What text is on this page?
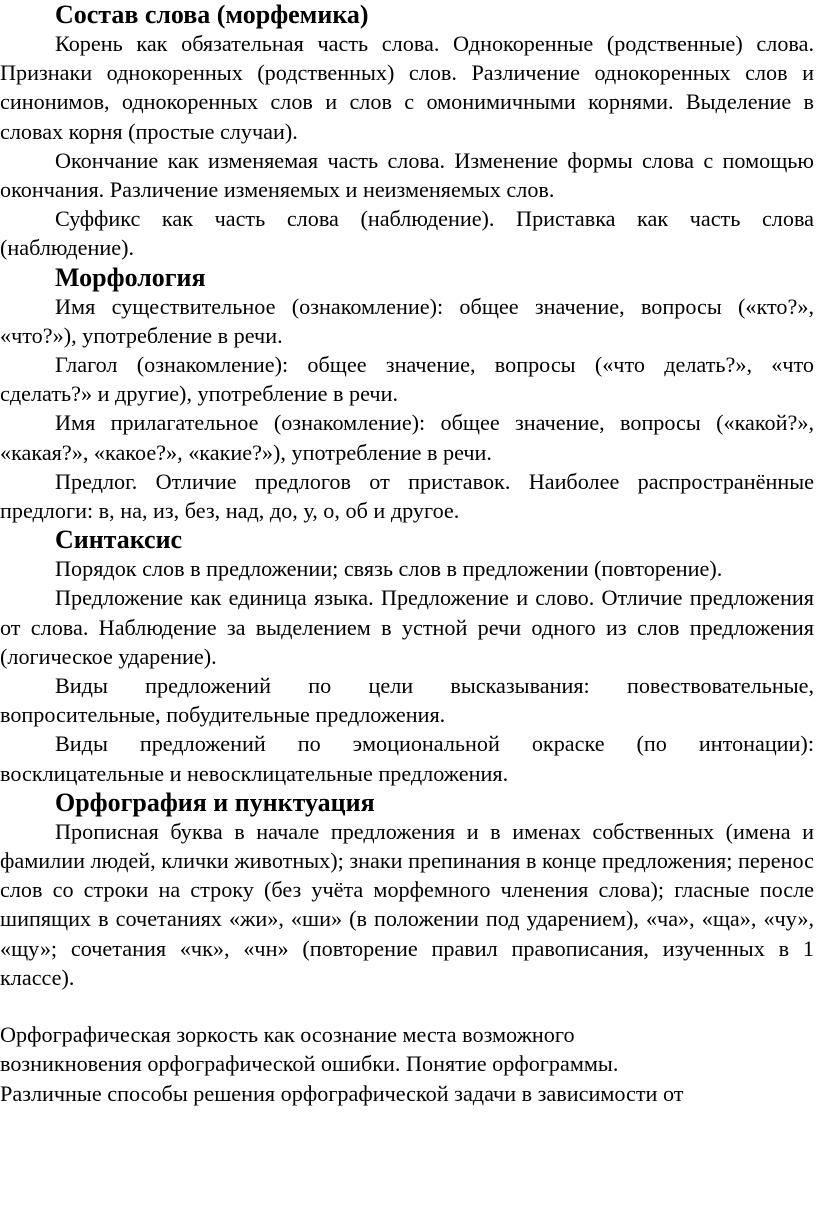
Состав слова (морфемика)

Корень как обязательная часть слова. Однокоренные (родственные) слова. Признаки однокоренных (родственных) слов. Различение однокоренных слов и синонимов, однокоренных слов и слов с омонимичными корнями. Выделение в словах корня (простые случаи).

Окончание как изменяемая часть слова. Изменение формы слова с помощью окончания. Различение изменяемых и неизменяемых слов.

Суффикс как часть слова (наблюдение). Приставка как часть слова (наблюдение).

Морфология

Имя существительное (ознакомление): общее значение, вопросы («кто?», «что?»), употребление в речи.

Глагол (ознакомление): общее значение, вопросы («что делать?», «что сделать?» и другие), употребление в речи.

Имя прилагательное (ознакомление): общее значение, вопросы («какой?», «какая?», «какое?», «какие?»), употребление в речи.

Предлог. Отличие предлогов от приставок. Наиболее распространённые предлоги: в, на, из, без, над, до, у, о, об и другое.

Синтаксис

Порядок слов в предложении; связь слов в предложении (повторение).

Предложение как единица языка. Предложение и слово. Отличие предложения от слова. Наблюдение за выделением в устной речи одного из слов предложения (логическое ударение).

Виды предложений по цели высказывания: повествовательные, вопросительные, побудительные предложения.

Виды предложений по эмоциональной окраске (по интонации): восклицательные и невосклицательные предложения.

Орфография и пунктуация

Прописная буква в начале предложения и в именах собственных (имена и фамилии людей, клички животных); знаки препинания в конце предложения; перенос слов со строки на строку (без учёта морфемного членения слова); гласные после шипящих в сочетаниях «жи», «ши» (в положении под ударением), «ча», «ща», «чу», «щу»; сочетания «чк», «чн» (повторение правил правописания, изученных в 1 классе).

Орфографическая зоркость как осознание места возможного

возникновения орфографической ошибки. Понятие орфограммы.

Различные способы решения орфографической задачи в зависимости от
